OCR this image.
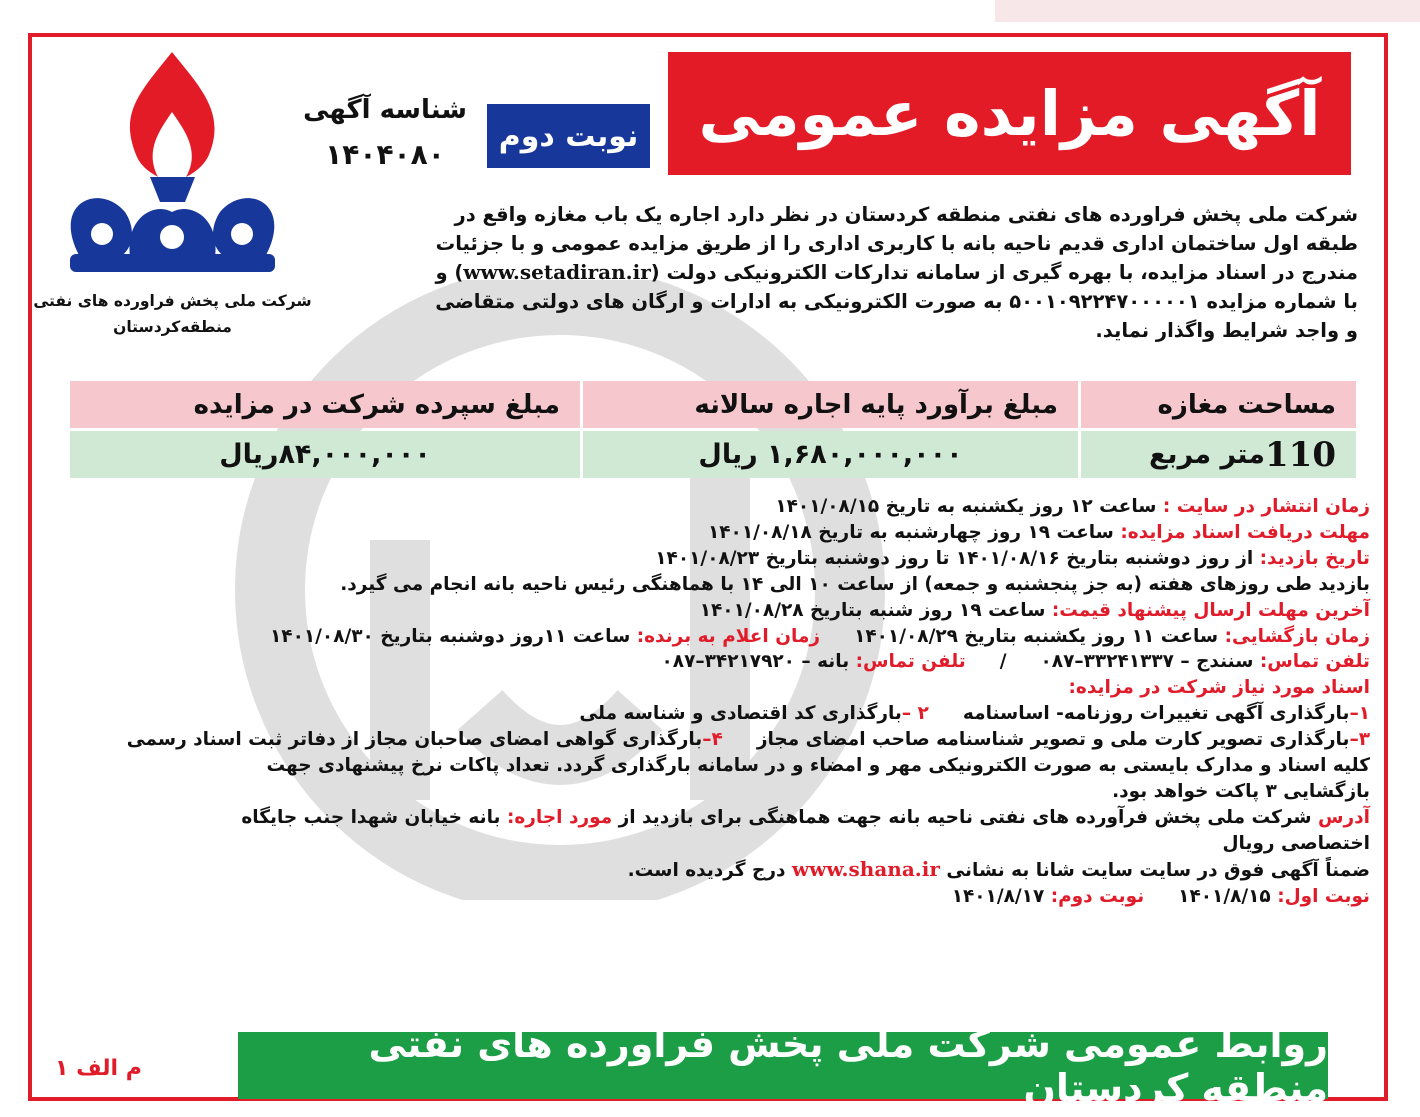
شرکت ملی پخش فراورده های نفتی
منطقه‌کردستان
آگهی مزایده عمومی
نوبت دوم
شناسه آگهی
۱۴۰۴۰۸۰
شرکت ملی پخش فراورده های نفتی منطقه کردستان در نظر دارد اجاره یک باب مغازه واقع در
طبقه اول ساختمان اداری قدیم ناحیه بانه با کاربری اداری را از طریق مزایده عمومی و با جزئیات
مندرج در اسناد مزایده، با بهره گیری از سامانه تدارکات الکترونیکی دولت (www.setadiran.ir) و
با شماره مزایده ۵۰۰۱۰۹۲۲۴۷۰۰۰۰۰۱ به صورت الکترونیکی به ادارات و ارگان های دولتی متقاضی
و واجد شرایط واگذار نماید.
مساحت مغازه
مبلغ برآورد پایه اجاره سالانه
مبلغ سپرده شرکت در مزایده
110
متر مربع
۱,۶۸۰,۰۰۰,۰۰۰ ریال
۸۴,۰۰۰,۰۰۰ریال

زمان انتشار در سایت : ساعت ۱۲ روز یکشنبه به تاریخ ۱۴۰۱/۰۸/۱۵

مهلت دریافت اسناد مزایده: ساعت ۱۹ روز چهارشنبه به تاریخ ۱۴۰۱/۰۸/۱۸

تاریخ بازدید: از روز دوشنبه بتاریخ ۱۴۰۱/۰۸/۱۶ تا روز دوشنبه بتاریخ ۱۴۰۱/۰۸/۲۳

بازدید طی روزهای هفته (به جز پنجشنبه و جمعه) از ساعت ۱۰ الی ۱۴ با هماهنگی رئیس ناحیه بانه انجام می گیرد.

آخرین مهلت ارسال پیشنهاد قیمت: ساعت ۱۹ روز شنبه بتاریخ ۱۴۰۱/۰۸/۲۸

زمان بازگشایی: ساعت ۱۱ روز یکشنبه بتاریخ ۱۴۰۱/۰۸/۲۹زمان اعلام به برنده: ساعت ۱۱روز دوشنبه بتاریخ ۱۴۰۱/۰۸/۳۰

تلفن تماس: سنندج – ۳۳۲۴۱۳۳۷–۰۸۷/تلفن تماس: بانه – ۳۴۲۱۷۹۲۰–۰۸۷

اسناد مورد نیاز شرکت در مزایده:

۱–بارگذاری آگهی تغییرات روزنامه- اساسنامه۲ –بارگذاری کد اقتصادی و شناسه ملی

۳–بارگذاری تصویر کارت ملی و تصویر شناسنامه صاحب امضای مجاز۴–بارگذاری گواهی امضای صاحبان مجاز از دفاتر ثبت اسناد رسمی

کلیه اسناد و مدارک بایستی به صورت الکترونیکی مهر و امضاء و در سامانه بارگذاری گردد. تعداد پاکات نرخ پیشنهادی جهت

بازگشایی ۳ پاکت خواهد بود.

آدرس شرکت ملی پخش فرآورده های نفتی ناحیه بانه جهت هماهنگی برای بازدید از مورد اجاره: بانه خیابان شهدا جنب جایگاه

اختصاصی رویال

ضمناً آگهی فوق در سایت سایت شانا به نشانی www.shana.ir درج گردیده است.

نوبت اول: ۱۴۰۱/۸/۱۵نوبت دوم: ۱۴۰۱/۸/۱۷

روابط عمومی شرکت ملی پخش فرآورده های نفتی منطقه کردستان
م الف ۱
